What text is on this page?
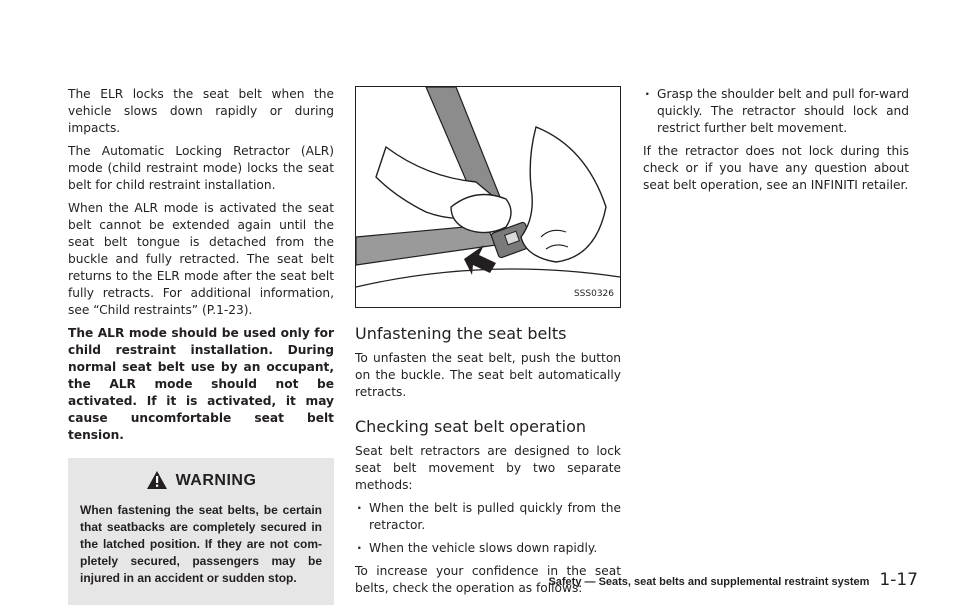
The ELR locks the seat belt when the vehicle slows down rapidly or during impacts.

The Automatic Locking Retractor (ALR) mode (child restraint mode) locks the seat belt for child restraint installation.

When the ALR mode is activated the seat belt cannot be extended again until the seat belt tongue is detached from the buckle and fully retracted. The seat belt returns to the ELR mode after the seat belt fully retracts. For additional information, see “Child restraints” (P.1-23).

The ALR mode should be used only for child restraint installation. During normal seat belt use by an occupant, the ALR mode should not be activated. If it is activated, it may cause uncomfortable seat belt tension.

WARNING

When fastening the seat belts, be certain that seatbacks are completely secured in the latched position. If they are not com-pletely secured, passengers may be injured in an accident or sudden stop.

SSS0326
Unfastening the seat belts

To unfasten the seat belt, push the button on the buckle. The seat belt automatically retracts.

Checking seat belt operation

Seat belt retractors are designed to lock seat belt movement by two separate methods:

. When the belt is pulled quickly from the retractor.
. When the vehicle slows down rapidly.

To increase your confidence in the seat belts, check the operation as follows:

. Grasp the shoulder belt and pull for-ward quickly. The retractor should lock and restrict further belt movement.

If the retractor does not lock during this check or if you have any question about seat belt operation, see an INFINITI retailer.

Safety — Seats, seat belts and supplemental restraint system 1-17
